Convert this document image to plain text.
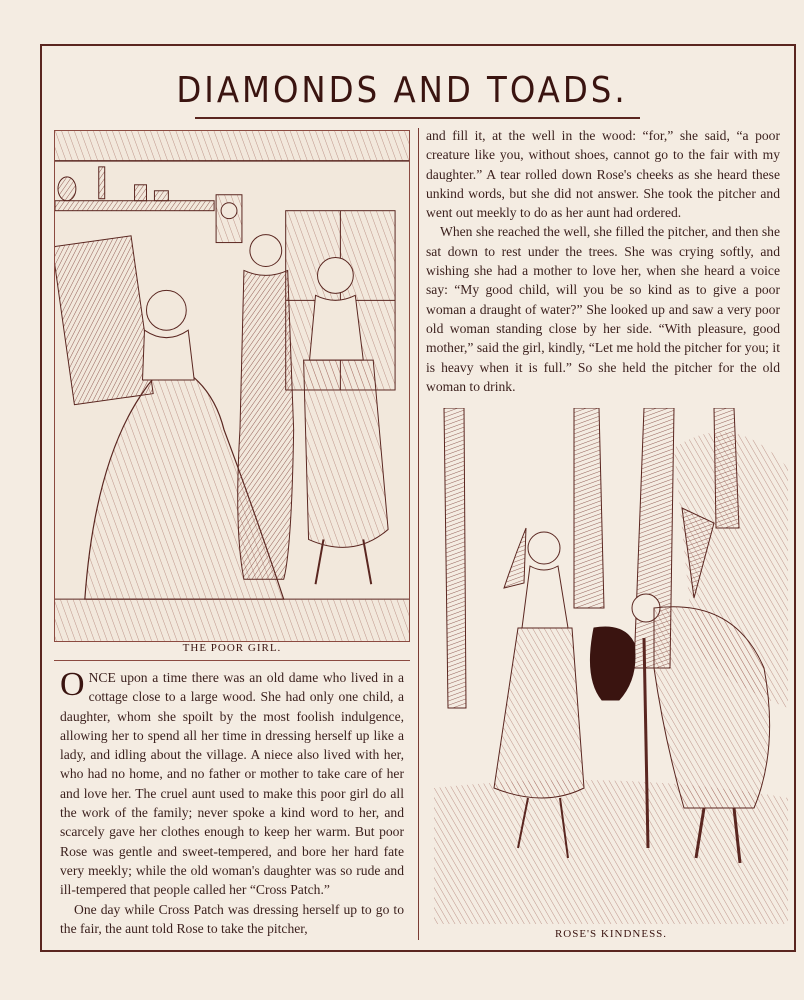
DIAMONDS AND TOADS.
THE POOR GIRL.

O NCE upon a time there was an old dame who lived in a cottage close to a large wood. She had only one child, a daughter, whom she spoilt by the most foolish indulgence, allowing her to spend all her time in dressing herself up like a lady, and idling about the village. A niece also lived with her, who had no home, and no father or mother to take care of her and love her. The cruel aunt used to make this poor girl do all the work of the family; never spoke a kind word to her, and scarcely gave her clothes enough to keep her warm. But poor Rose was gentle and sweet-tempered, and bore her hard fate very meekly; while the old woman's daughter was so rude and ill-tempered that people called her “Cross Patch.”

One day while Cross Patch was dressing herself up to go to the fair, the aunt told Rose to take the pitcher,

and fill it, at the well in the wood: “for,” she said, “a poor creature like you, without shoes, cannot go to the fair with my daughter.” A tear rolled down Rose's cheeks as she heard these unkind words, but she did not answer. She took the pitcher and went out meekly to do as her aunt had ordered.

When she reached the well, she filled the pitcher, and then she sat down to rest under the trees. She was crying softly, and wishing she had a mother to love her, when she heard a voice say: “My good child, will you be so kind as to give a poor woman a draught of water?” She looked up and saw a very poor old woman standing close by her side. “With pleasure, good mother,” said the girl, kindly, “Let me hold the pitcher for you; it is heavy when it is full.” So she held the pitcher for the old woman to drink.

ROSE'S KINDNESS.
